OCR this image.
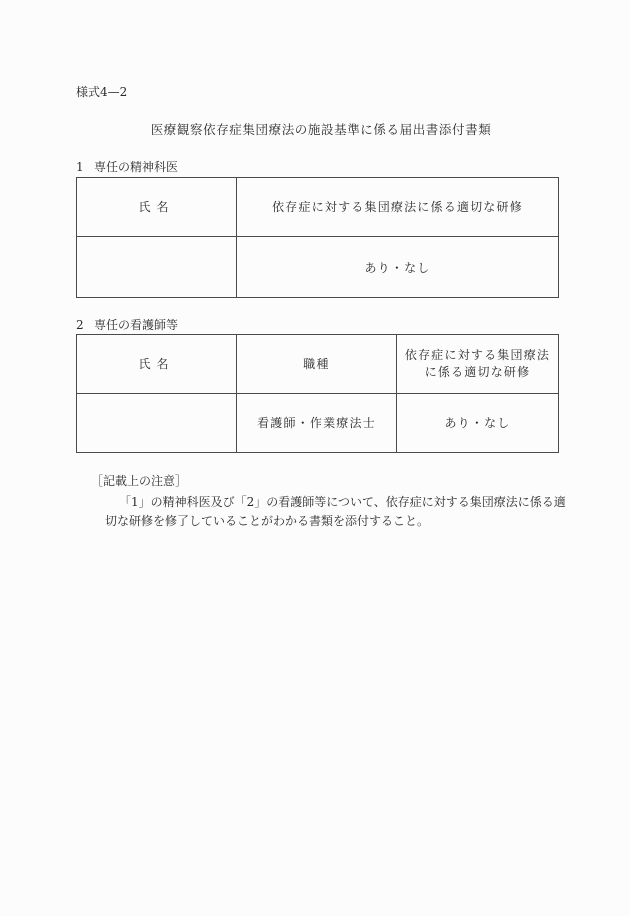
様式4—2
医療観察依存症集団療法の施設基準に係る届出書添付書類
1 専任の精神科医
氏名	依存症に対する集団療法に係る適切な研修
	あり・なし
2 専任の看護師等
氏名	職種	依存症に対する集団療法
に係る適切な研修

	看護師・作業療法士	あり・なし
［記載上の注意］
「1」の精神科医及び「2」の看護師等について、依存症に対する集団療法に係る適
切な研修を修了していることがわかる書類を添付すること。
